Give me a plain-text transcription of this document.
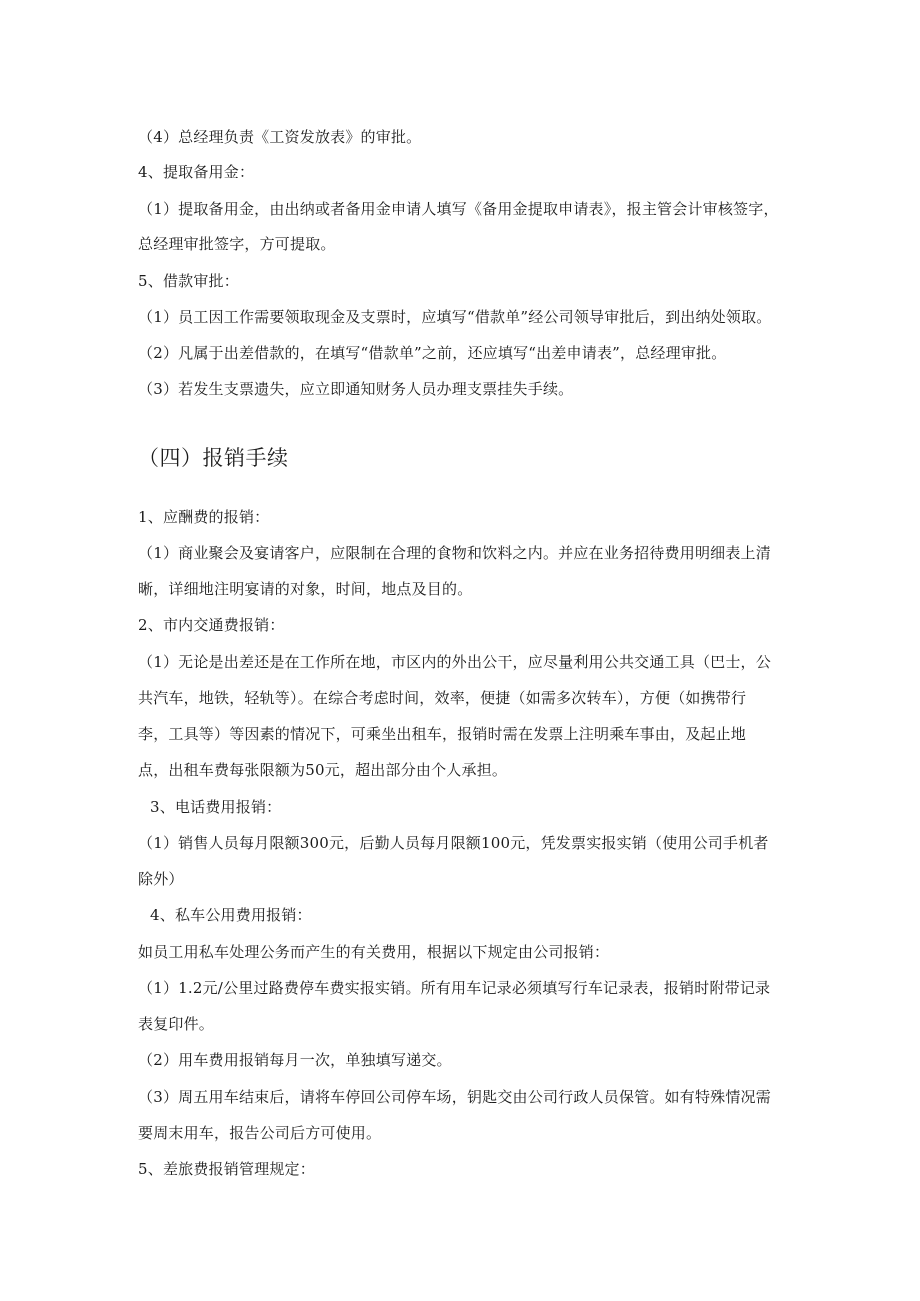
（4）总经理负责《工资发放表》的审批。
4、提取备用金：
（1）提取备用金，由出纳或者备用金申请人填写《备用金提取申请表》，报主管会计审核签字，
总经理审批签字，方可提取。
5、借款审批：
（1）员工因工作需要领取现金及支票时，应填写“借款单”经公司领导审批后，到出纳处领取。
（2）凡属于出差借款的，在填写“借款单”之前，还应填写“出差申请表”，总经理审批。
（3）若发生支票遗失，应立即通知财务人员办理支票挂失手续。
（四）报销手续
1、应酬费的报销：
（1）商业聚会及宴请客户，应限制在合理的食物和饮料之内。并应在业务招待费用明细表上清
晰，详细地注明宴请的对象，时间，地点及目的。
2、市内交通费报销：
（1）无论是出差还是在工作所在地，市区内的外出公干，应尽量利用公共交通工具（巴士，公
共汽车，地铁，轻轨等）。在综合考虑时间，效率，便捷（如需多次转车），方便（如携带行
李，工具等）等因素的情况下，可乘坐出租车，报销时需在发票上注明乘车事由，及起止地
点，出租车费每张限额为50元，超出部分由个人承担。
3、电话费用报销：
（1）销售人员每月限额300元，后勤人员每月限额100元，凭发票实报实销（使用公司手机者
除外）
4、私车公用费用报销：
如员工用私车处理公务而产生的有关费用，根据以下规定由公司报销：
（1）1.2元/公里过路费停车费实报实销。所有用车记录必须填写行车记录表，报销时附带记录
表复印件。
（2）用车费用报销每月一次，单独填写递交。
（3）周五用车结束后，请将车停回公司停车场，钥匙交由公司行政人员保管。如有特殊情况需
要周末用车，报告公司后方可使用。
5、差旅费报销管理规定：
